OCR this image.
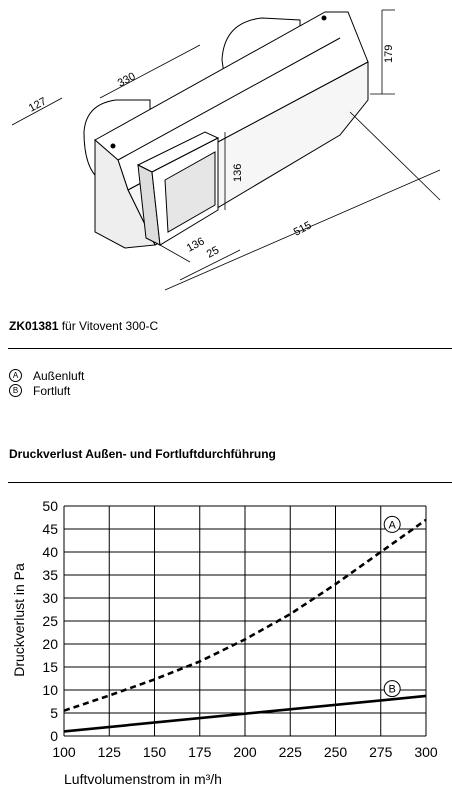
330
127
179
515
136
136
25
ZK01381 für Vitovent 300-C
A	Außenluft
B	Fortluft
Druckverlust Außen- und Fortluftdurchführung
A
B
100 125 150 175 200 225 250 275 300
0
5
10
15
20
25
30
35
40
45
50
Druckverlust in Pa
Luftvolumenstrom in m³/h
